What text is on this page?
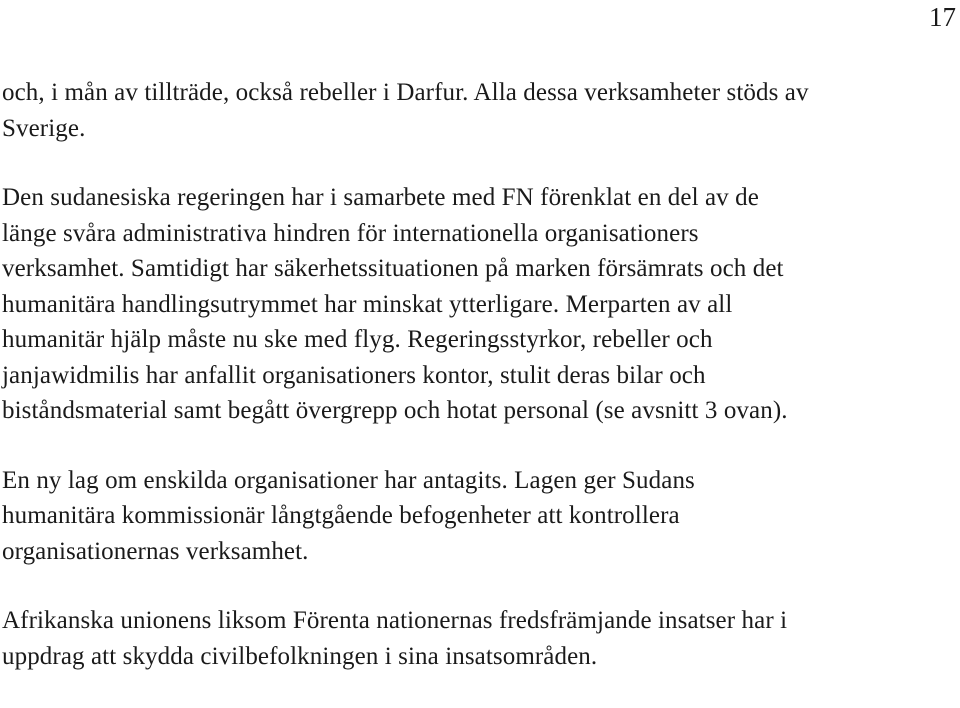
17

och, i mån av tillträde, också rebeller i Darfur. Alla dessa verksamheter stöds av
Sverige.

Den sudanesiska regeringen har i samarbete med FN förenklat en del av de
länge svåra administrativa hindren för internationella organisationers
verksamhet. Samtidigt har säkerhetssituationen på marken försämrats och det
humanitära handlingsutrymmet har minskat ytterligare. Merparten av all
humanitär hjälp måste nu ske med flyg. Regeringsstyrkor, rebeller och
janjawidmilis har anfallit organisationers kontor, stulit deras bilar och
biståndsmaterial samt begått övergrepp och hotat personal (se avsnitt 3 ovan).

En ny lag om enskilda organisationer har antagits. Lagen ger Sudans
humanitära kommissionär långtgående befogenheter att kontrollera
organisationernas verksamhet.

Afrikanska unionens liksom Förenta nationernas fredsfrämjande insatser har i
uppdrag att skydda civilbefolkningen i sina insatsområden.
